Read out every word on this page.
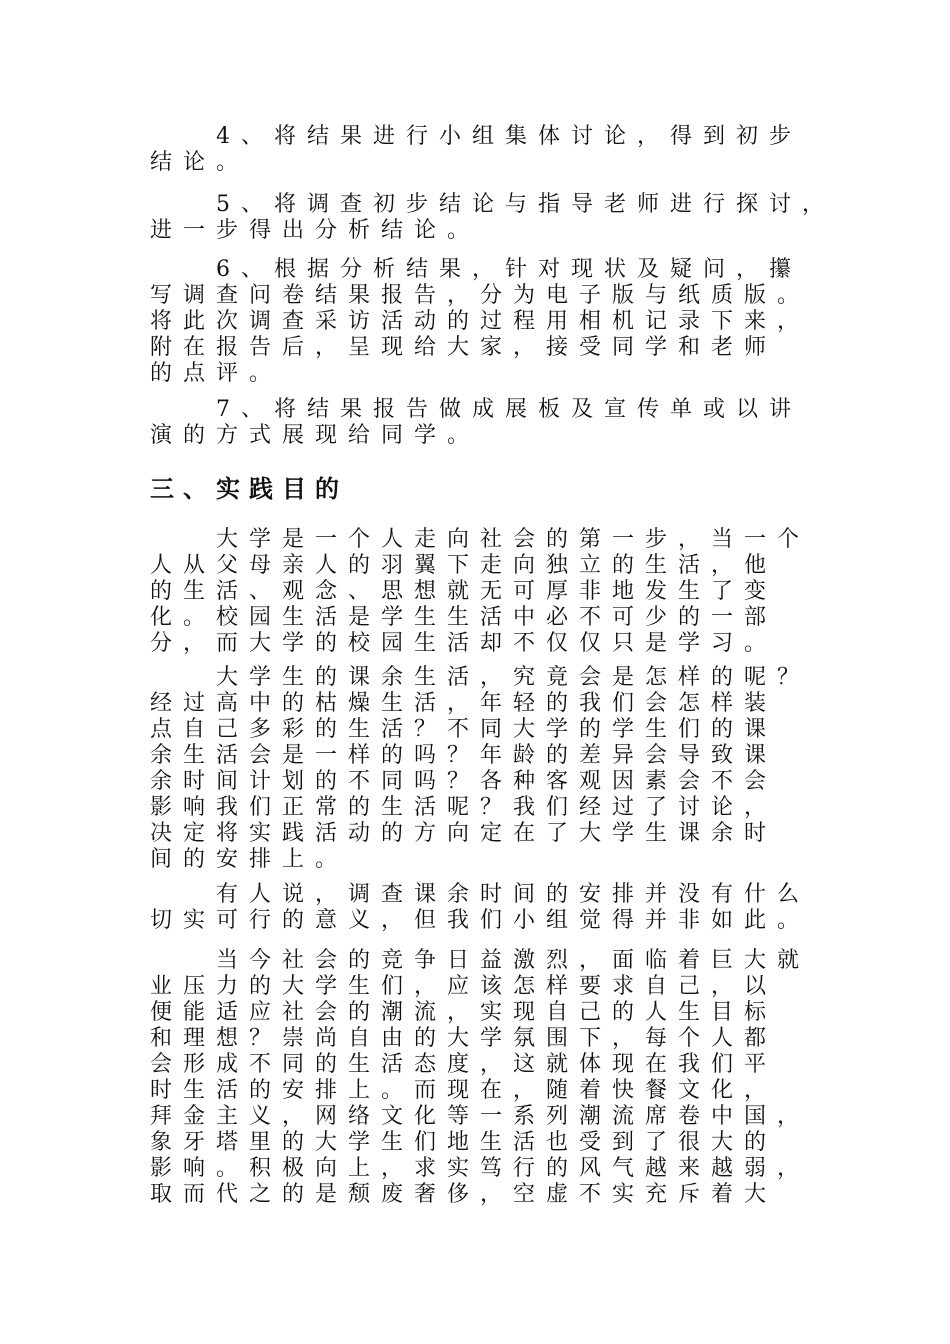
　　4、将结果进行小组集体讨论，得到初步
结论。
　　5、将调查初步结论与指导老师进行探讨，
进一步得出分析结论。
　　6、根据分析结果，针对现状及疑问，攥
写调查问卷结果报告，分为电子版与纸质版。
将此次调查采访活动的过程用相机记录下来，
附在报告后，呈现给大家，接受同学和老师
的点评。
　　7、将结果报告做成展板及宣传单或以讲
演的方式展现给同学。
三、实践目的
　　大学是一个人走向社会的第一步，当一个
人从父母亲人的羽翼下走向独立的生活，他
的生活、观念、思想就无可厚非地发生了变
化。校园生活是学生生活中必不可少的一部
分，而大学的校园生活却不仅仅只是学习。
　　大学生的课余生活，究竟会是怎样的呢？
经过高中的枯燥生活，年轻的我们会怎样装
点自己多彩的生活？不同大学的学生们的课
余生活会是一样的吗？年龄的差异会导致课
余时间计划的不同吗？各种客观因素会不会
影响我们正常的生活呢？我们经过了讨论，
决定将实践活动的方向定在了大学生课余时
间的安排上。
　　有人说，调查课余时间的安排并没有什么
切实可行的意义，但我们小组觉得并非如此。
　　当今社会的竞争日益激烈，面临着巨大就
业压力的大学生们，应该怎样要求自己，以
便能适应社会的潮流，实现自己的人生目标
和理想？崇尚自由的大学氛围下，每个人都
会形成不同的生活态度，这就体现在我们平
时生活的安排上。而现在，随着快餐文化，
拜金主义，网络文化等一系列潮流席卷中国，
象牙塔里的大学生们地生活也受到了很大的
影响。积极向上，求实笃行的风气越来越弱，
取而代之的是颓废奢侈，空虚不实充斥着大
